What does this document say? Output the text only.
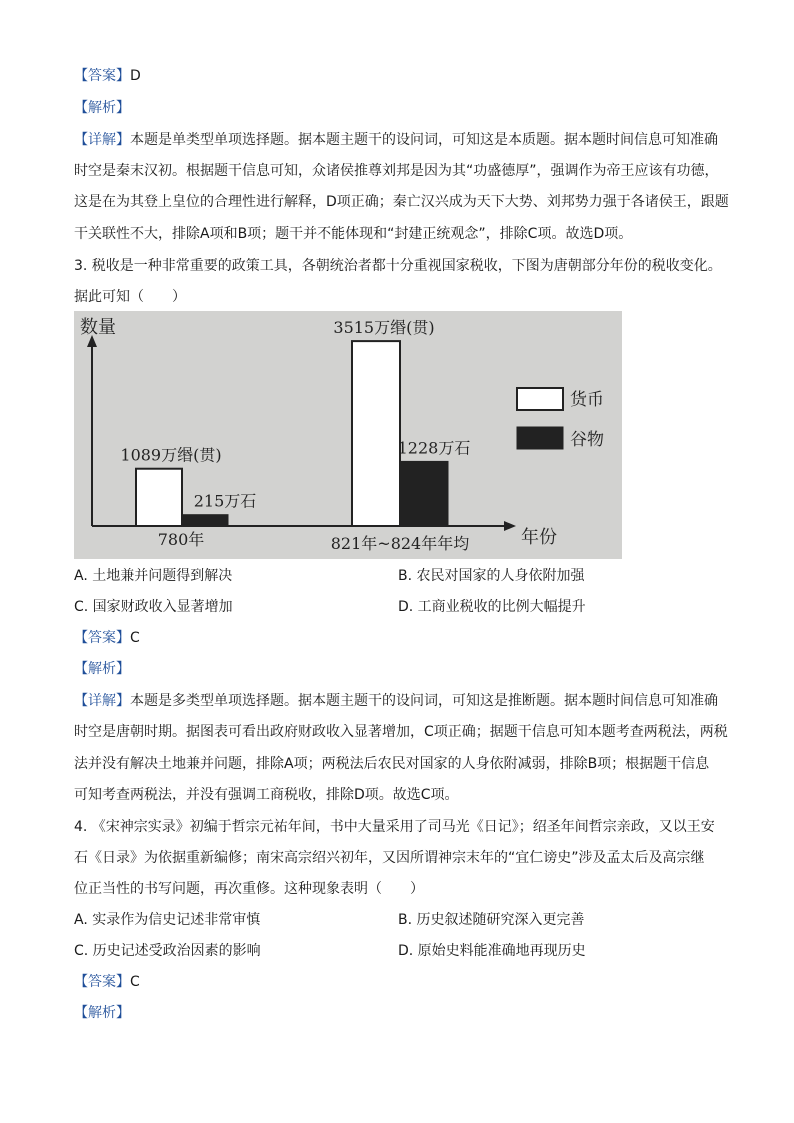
【答案】D
【解析】
【详解】本题是单类型单项选择题。据本题主题干的设问词，可知这是本质题。据本题时间信息可知准确
时空是秦末汉初。根据题干信息可知，众诸侯推尊刘邦是因为其“功盛德厚”，强调作为帝王应该有功德，
这是在为其登上皇位的合理性进行解释，D项正确；秦亡汉兴成为天下大势、刘邦势力强于各诸侯王，跟题
干关联性不大，排除A项和B项；题干并不能体现和“封建正统观念”，排除C项。故选D项。
3. 税收是一种非常重要的政策工具，各朝统治者都十分重视国家税收，下图为唐朝部分年份的税收变化。
据此可知（　　）
数量
年份
1089万缗(贯)
215万石
3515万缗(贯)
1228万石
780年	821年~824年年均
货币
谷物
A. 土地兼并问题得到解决	B. 农民对国家的人身依附加强
C. 国家财政收入显著增加	D. 工商业税收的比例大幅提升
【答案】C
【解析】
【详解】本题是多类型单项选择题。据本题主题干的设问词，可知这是推断题。据本题时间信息可知准确
时空是唐朝时期。据图表可看出政府财政收入显著增加，C项正确；据题干信息可知本题考查两税法，两税
法并没有解决土地兼并问题，排除A项；两税法后农民对国家的人身依附减弱，排除B项；根据题干信息
可知考查两税法，并没有强调工商税收，排除D项。故选C项。
4. 《宋神宗实录》初编于哲宗元祐年间，书中大量采用了司马光《日记》；绍圣年间哲宗亲政，又以王安
石《日录》为依据重新编修；南宋高宗绍兴初年，又因所谓神宗末年的“宜仁谤史”涉及孟太后及高宗继
位正当性的书写问题，再次重修。这种现象表明（　　）
A. 实录作为信史记述非常审慎	B. 历史叙述随研究深入更完善
C. 历史记述受政治因素的影响	D. 原始史料能准确地再现历史
【答案】C
【解析】
